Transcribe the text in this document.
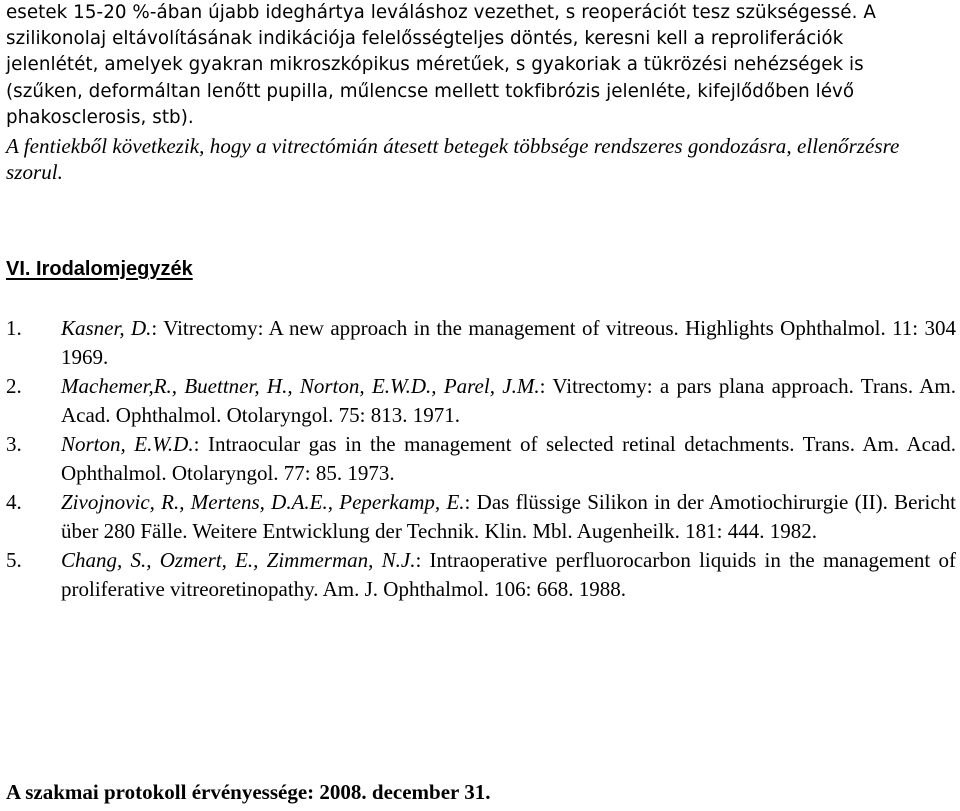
esetek 15-20 %-ában újabb ideghártya leváláshoz vezethet, s reoperációt tesz szükségessé. A
szilikonolaj eltávolításának indikációja felelősségteljes döntés, keresni kell a reproliferációk
jelenlétét, amelyek gyakran mikroszkópikus méretűek, s gyakoriak a tükrözési nehézségek is
(szűken, deformáltan lenőtt pupilla, műlencse mellett tokfibrózis jelenléte, kifejlődőben lévő
phakosclerosis, stb).

A fentiekből következik, hogy a vitrectómián átesett betegek többsége rendszeres gondozásra, ellenőrzésre szorul.

VI. Irodalomjegyzék
1. Kasner, D.: Vitrectomy: A new approach in the management of vitreous. Highlights Ophthalmol. 11: 304 1969.
2. Machemer,R., Buettner, H., Norton, E.W.D., Parel, J.M.: Vitrectomy: a pars plana approach. Trans. Am. Acad. Ophthalmol. Otolaryngol. 75: 813. 1971.
3. Norton, E.W.D.: Intraocular gas in the management of selected retinal detachments. Trans. Am. Acad. Ophthalmol. Otolaryngol. 77: 85. 1973.
4. Zivojnovic, R., Mertens, D.A.E., Peperkamp, E.: Das flüssige Silikon in der Amotiochirurgie (II). Bericht über 280 Fälle. Weitere Entwicklung der Technik. Klin. Mbl. Augenheilk. 181: 444. 1982.
5. Chang, S., Ozmert, E., Zimmerman, N.J.: Intraoperative perfluorocarbon liquids in the management of proliferative vitreoretinopathy. Am. J. Ophthalmol. 106: 668. 1988.

A szakmai protokoll érvényessége: 2008. december 31.
